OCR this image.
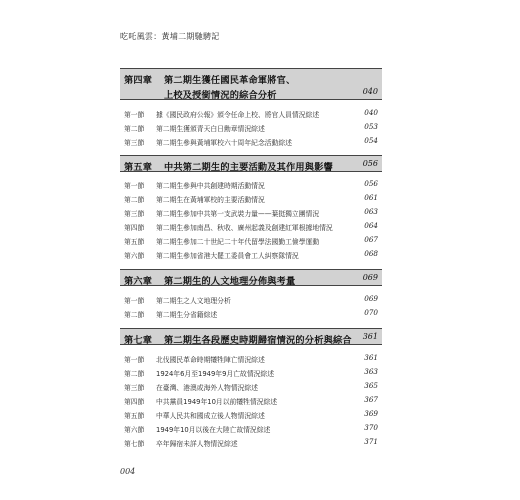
吃吒風雲：黃埔二期馳騁記
第四章 第二期生獲任國民革命軍將官、
上校及授銜情況的綜合分析	040
第一節 據《國民政府公報》頒令任命上校、將官人員情況綜述	040
第二節 第二期生獲頒青天白日勳章情況綜述	053
第三節 第二期生參與黃埔軍校六十周年紀念活動綜述	054
第五章 中共第二期生的主要活動及其作用與影響	056
第一節 第二期生參與中共創建時期活動情況	056
第二節 第二期生在黃埔軍校的主要活動情況	061
第三節 第二期生參加中共第一支武裝力量——葉挺獨立團情況	063
第四節 第二期生參加南昌、秋收、廣州起義及創建紅軍根據地情況	064
第五節 第二期生參加二十世紀二十年代留學法國勤工儉學運動	067
第六節 第二期生參加省港大罷工委員會工人糾察隊情況	068
第六章 第二期生的人文地理分佈與考量	069
第一節 第二期生之人文地理分析	069
第二節 第二期生分省籍綜述	070
第七章 第二期生各段歷史時期歸宿情況的分析與綜合 361
第一節 北伐國民革命時期犧牲陣亡情況綜述	361
第二節 1924年6月至1949年9月亡故情況綜述	363
第三節 在臺灣、港澳或海外人物情況綜述	365
第四節 中共黨員1949年10月以前犧牲情況綜述	367
第五節 中華人民共和國成立後人物情況綜述	369
第六節 1949年10月以後在大陸亡故情況綜述	370
第七節 卒年歸宿未詳人物情況綜述	371
004
